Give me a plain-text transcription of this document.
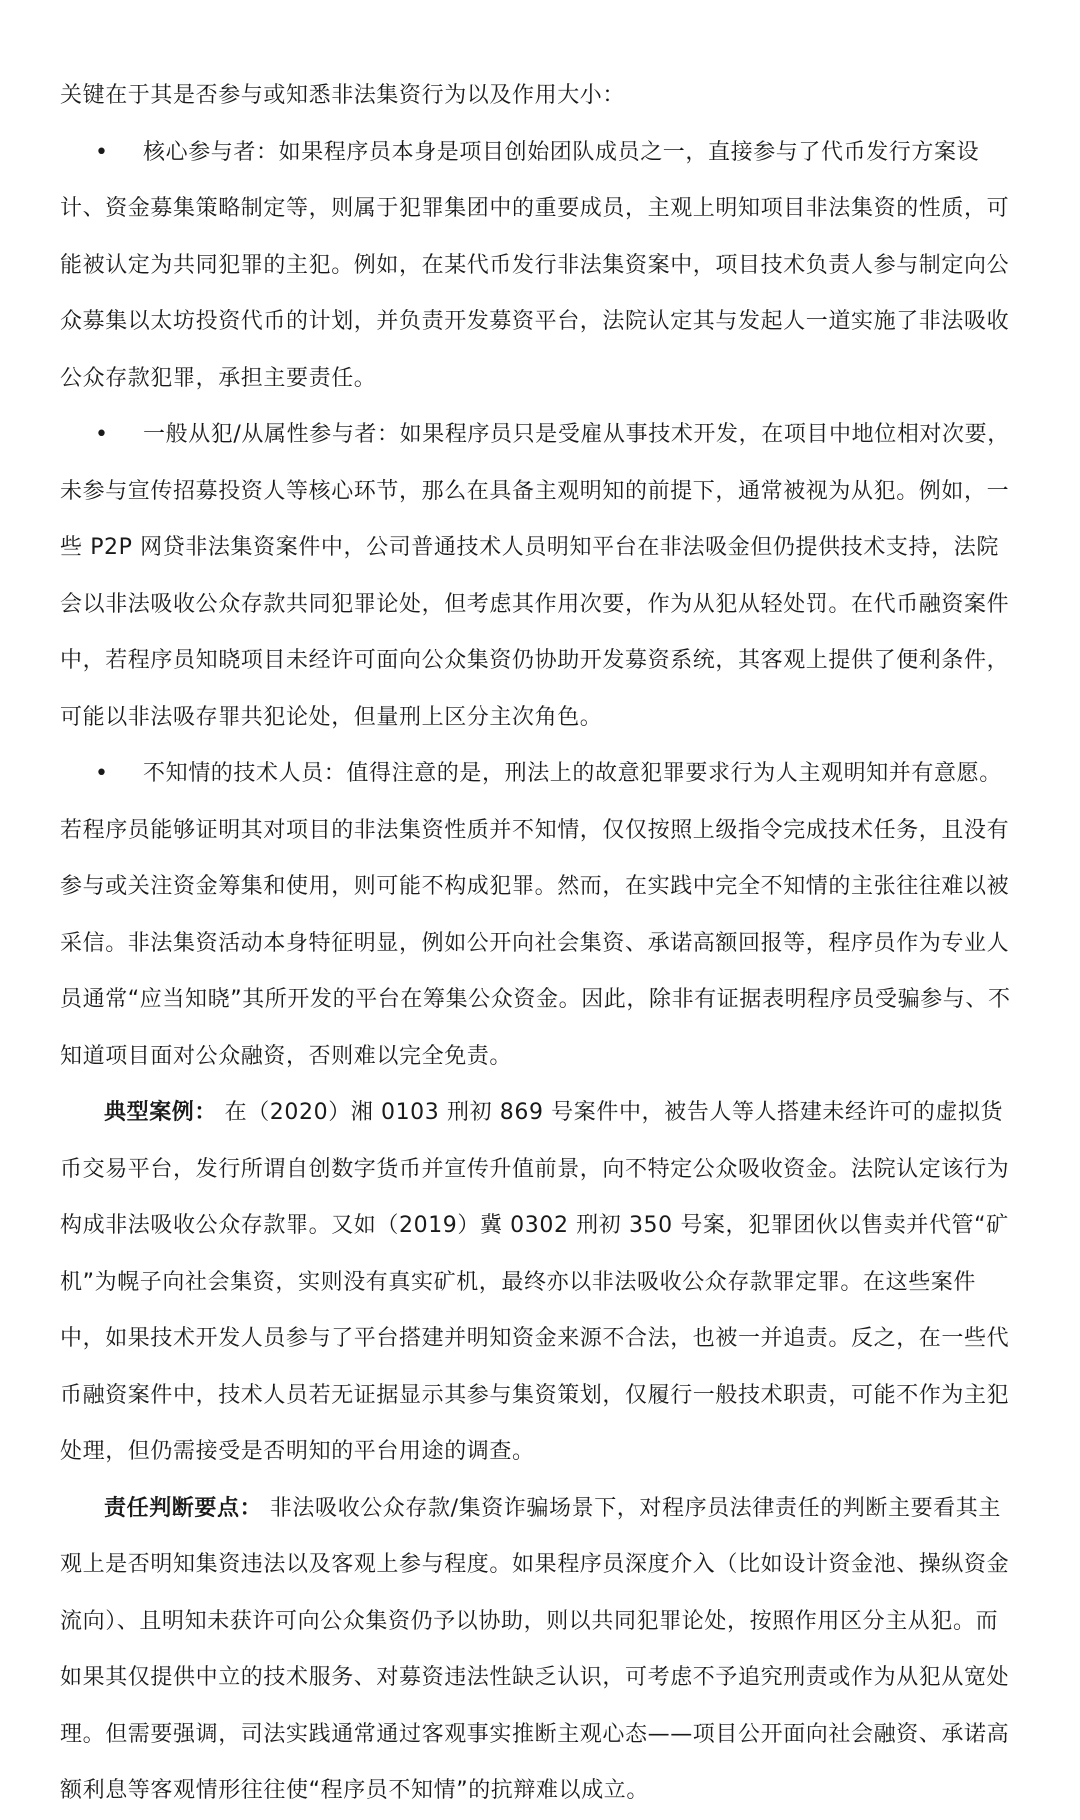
关键在于其是否参与或知悉非法集资行为以及作用大小：

• 核心参与者：如果程序员本身是项目创始团队成员之一，直接参与了代币发行方案设计、资金募集策略制定等，则属于犯罪集团中的重要成员，主观上明知项目非法集资的性质，可能被认定为共同犯罪的主犯。例如，在某代币发行非法集资案中，项目技术负责人参与制定向公众募集以太坊投资代币的计划，并负责开发募资平台，法院认定其与发起人一道实施了非法吸收公众存款犯罪，承担主要责任。

• 一般从犯/从属性参与者：如果程序员只是受雇从事技术开发，在项目中地位相对次要，未参与宣传招募投资人等核心环节，那么在具备主观明知的前提下，通常被视为从犯。例如，一些 P2P 网贷非法集资案件中，公司普通技术人员明知平台在非法吸金但仍提供技术支持，法院会以非法吸收公众存款共同犯罪论处，但考虑其作用次要，作为从犯从轻处罚。在代币融资案件中，若程序员知晓项目未经许可面向公众集资仍协助开发募资系统，其客观上提供了便利条件，可能以非法吸存罪共犯论处，但量刑上区分主次角色。

• 不知情的技术人员：值得注意的是，刑法上的故意犯罪要求行为人主观明知并有意愿。若程序员能够证明其对项目的非法集资性质并不知情，仅仅按照上级指令完成技术任务，且没有参与或关注资金筹集和使用，则可能不构成犯罪。然而，在实践中完全不知情的主张往往难以被采信。非法集资活动本身特征明显，例如公开向社会集资、承诺高额回报等，程序员作为专业人员通常“应当知晓”其所开发的平台在筹集公众资金。因此，除非有证据表明程序员受骗参与、不知道项目面对公众融资，否则难以完全免责。

典型案例： 在（2020）湘 0103 刑初 869 号案件中，被告人等人搭建未经许可的虚拟货币交易平台，发行所谓自创数字货币并宣传升值前景，向不特定公众吸收资金。法院认定该行为构成非法吸收公众存款罪。又如（2019）冀 0302 刑初 350 号案，犯罪团伙以售卖并代管“矿机”为幌子向社会集资，实则没有真实矿机，最终亦以非法吸收公众存款罪定罪。在这些案件中，如果技术开发人员参与了平台搭建并明知资金来源不合法，也被一并追责。反之，在一些代币融资案件中，技术人员若无证据显示其参与集资策划，仅履行一般技术职责，可能不作为主犯处理，但仍需接受是否明知的平台用途的调查。

责任判断要点： 非法吸收公众存款/集资诈骗场景下，对程序员法律责任的判断主要看其主观上是否明知集资违法以及客观上参与程度。如果程序员深度介入（比如设计资金池、操纵资金流向）、且明知未获许可向公众集资仍予以协助，则以共同犯罪论处，按照作用区分主从犯。而如果其仅提供中立的技术服务、对募资违法性缺乏认识，可考虑不予追究刑责或作为从犯从宽处理。但需要强调，司法实践通常通过客观事实推断主观心态——项目公开面向社会融资、承诺高额利息等客观情形往往使“程序员不知情”的抗辩难以成立。
